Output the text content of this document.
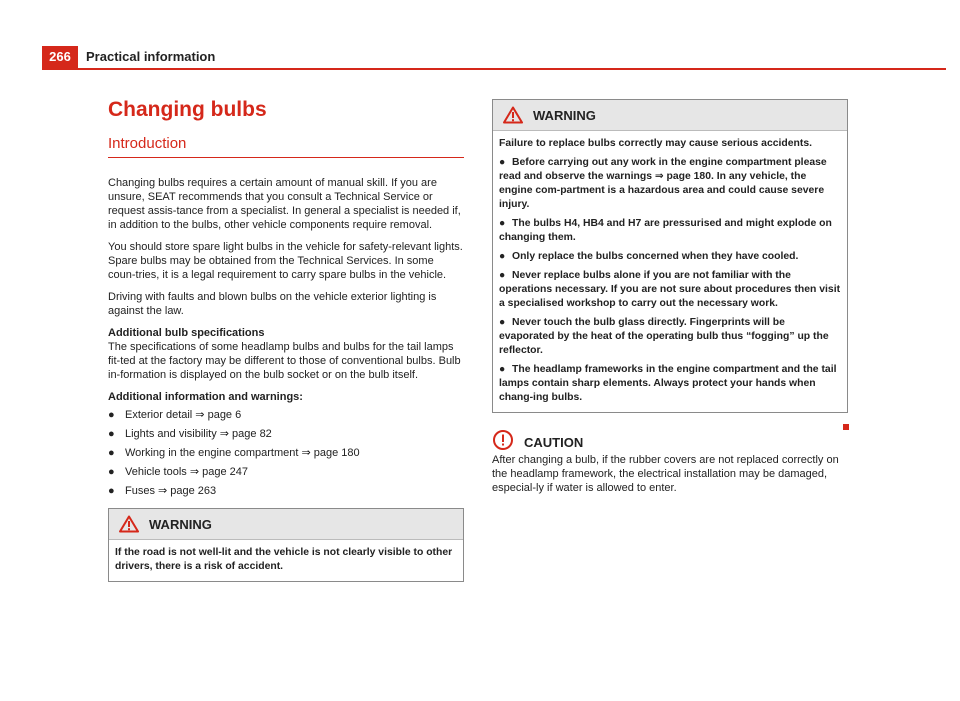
266	Practical information
Changing bulbs
Introduction

Changing bulbs requires a certain amount of manual skill. If you are unsure, SEAT recommends that you consult a Technical Service or request assis-tance from a specialist. In general a specialist is needed if, in addition to the bulbs, other vehicle components require removal.

You should store spare light bulbs in the vehicle for safety-relevant lights. Spare bulbs may be obtained from the Technical Services. In some coun-tries, it is a legal requirement to carry spare bulbs in the vehicle.

Driving with faults and blown bulbs on the vehicle exterior lighting is against the law.

Additional bulb specifications

The specifications of some headlamp bulbs and bulbs for the tail lamps fit-ted at the factory may be different to those of conventional bulbs. Bulb in-formation is displayed on the bulb socket or on the bulb itself.

Additional information and warnings:

● Exterior detail ⇒ page 6
● Lights and visibility ⇒ page 82
● Working in the engine compartment ⇒ page 180
● Vehicle tools ⇒ page 247
● Fuses ⇒ page 263
WARNING

If the road is not well-lit and the vehicle is not clearly visible to other drivers, there is a risk of accident.

WARNING

Failure to replace bulbs correctly may cause serious accidents.

● Before carrying out any work in the engine compartment please read and observe the warnings ⇒ page 180. In any vehicle, the engine com-partment is a hazardous area and could cause severe injury.

● The bulbs H4, HB4 and H7 are pressurised and might explode on changing them.

● Only replace the bulbs concerned when they have cooled.

● Never replace bulbs alone if you are not familiar with the operations necessary. If you are not sure about procedures then visit a specialised workshop to carry out the necessary work.

● Never touch the bulb glass directly. Fingerprints will be evaporated by the heat of the operating bulb thus “fogging” up the reflector.

● The headlamp frameworks in the engine compartment and the tail lamps contain sharp elements. Always protect your hands when chang-ing bulbs.

CAUTION

After changing a bulb, if the rubber covers are not replaced correctly on the headlamp framework, the electrical installation may be damaged, especial-ly if water is allowed to enter.
